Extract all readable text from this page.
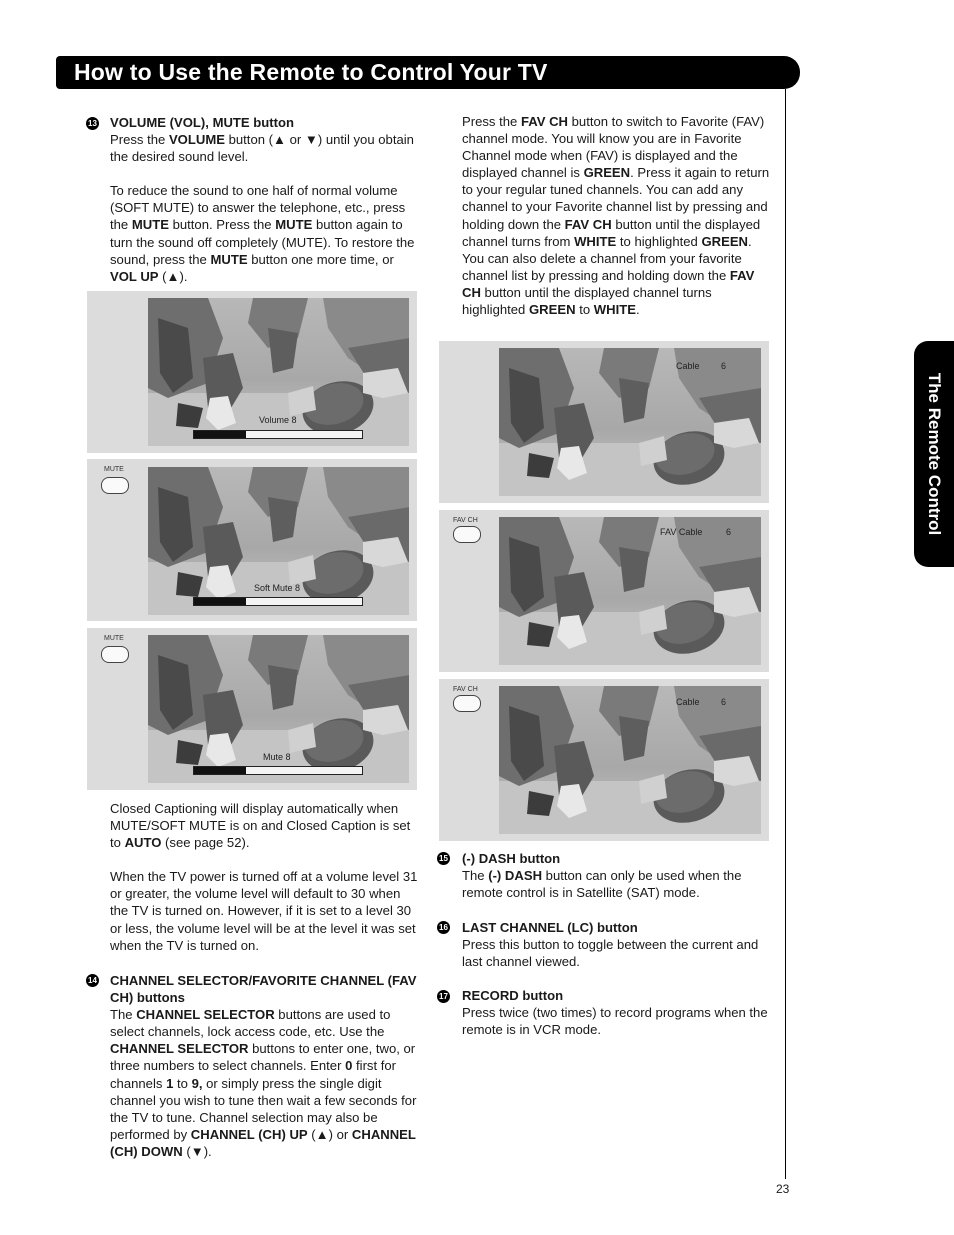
How to Use the Remote to Control Your TV
The Remote Control
23
13 VOLUME (VOL), MUTE button

Press the VOLUME button (▲ or ▼) until you obtain the desired sound level.

To reduce the sound to one half of normal volume (SOFT MUTE) to answer the telephone, etc., press the MUTE button. Press the MUTE button again to turn the sound off completely (MUTE). To restore the sound, press the MUTE button one more time, or VOL UP (▲).

Volume 8
MUTE
Soft Mute 8
MUTE
Mute 8

Closed Captioning will display automatically when MUTE/SOFT MUTE is on and Closed Caption is set to AUTO (see page 52).

When the TV power is turned off at a volume level 31 or greater, the volume level will default to 30 when the TV is turned on. However, if it is set to a level 30 or less, the volume level will be at the level it was set when the TV is turned on.

14 CHANNEL SELECTOR/FAVORITE CHANNEL (FAV CH) buttons

The CHANNEL SELECTOR buttons are used to select channels, lock access code, etc. Use the CHANNEL SELECTOR buttons to enter one, two, or three numbers to select channels. Enter 0 first for channels 1 to 9, or simply press the single digit channel you wish to tune then wait a few seconds for the TV to tune. Channel selection may also be performed by CHANNEL (CH) UP (▲) or CHANNEL (CH) DOWN (▼).

Press the FAV CH button to switch to Favorite (FAV) channel mode. You will know you are in Favorite Channel mode when (FAV) is displayed and the displayed channel is GREEN. Press it again to return to your regular tuned channels. You can add any channel to your Favorite channel list by pressing and holding down the FAV CH button until the displayed channel turns from WHITE to highlighted GREEN. You can also delete a channel from your favorite channel list by pressing and holding down the FAV CH button until the displayed channel turns highlighted GREEN to WHITE.

Cable 6
FAV CH
FAV Cable	6
FAV CH
Cable 6
15 (-) DASH button

The (-) DASH button can only be used when the remote control is in Satellite (SAT) mode.

16 LAST CHANNEL (LC) button

Press this button to toggle between the current and last channel viewed.

17 RECORD button

Press twice (two times) to record programs when the remote is in VCR mode.
